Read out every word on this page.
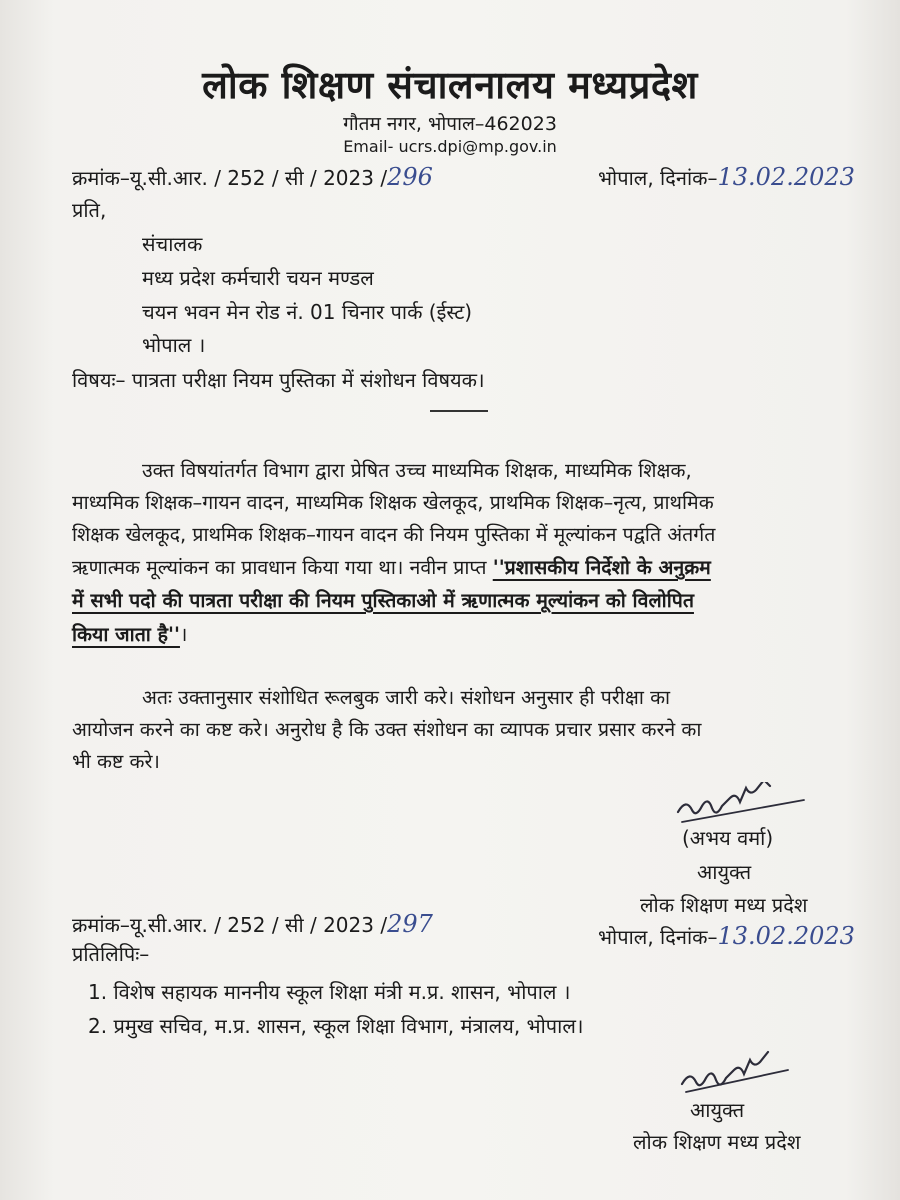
लोक शिक्षण संचालनालय मध्यप्रदेश
गौतम नगर, भोपाल–462023
Email- ucrs.dpi@mp.gov.in
क्रमांक–यू.सी.आर. / 252 / सी / 2023 /296	भोपाल, दिनांक–13.02.2023
प्रति,
संचालक
मध्य प्रदेश कर्मचारी चयन मण्डल
चयन भवन मेन रोड नं. 01 चिनार पार्क (ईस्ट)
भोपाल ।
विषयः– पात्रता परीक्षा नियम पुस्तिका में संशोधन विषयक।
उक्त विषयांतर्गत विभाग द्वारा प्रेषित उच्च माध्यमिक शिक्षक, माध्यमिक शिक्षक,
माध्यमिक शिक्षक–गायन वादन, माध्यमिक शिक्षक खेलकूद, प्राथमिक शिक्षक–नृत्य, प्राथमिक
शिक्षक खेलकूद, प्राथमिक शिक्षक–गायन वादन की नियम पुस्तिका में मूल्यांकन पद्वति अंतर्गत
ऋणात्मक मूल्यांकन का प्रावधान किया गया था। नवीन प्राप्त ''प्रशासकीय निर्देशो के अनुक्रम
में सभी पदो की पात्रता परीक्षा की नियम पुस्तिकाओ में ऋणात्मक मूल्यांकन को विलोपित
किया जाता है''।
अतः उक्तानुसार संशोधित रूलबुक जारी करे। संशोधन अनुसार ही परीक्षा का
आयोजन करने का कष्ट करे। अनुरोध है कि उक्त संशोधन का व्यापक प्रचार प्रसार करने का
भी कष्ट करे।
(अभय वर्मा)
आयुक्त
लोक शिक्षण मध्य प्रदेश
क्रमांक–यू.सी.आर. / 252 / सी / 2023 /297	भोपाल, दिनांक–13.02.2023
प्रतिलिपिः–
1. विशेष सहायक माननीय स्कूल शिक्षा मंत्री म.प्र. शासन, भोपाल ।
2. प्रमुख सचिव, म.प्र. शासन, स्कूल शिक्षा विभाग, मंत्रालय, भोपाल।
आयुक्त
लोक शिक्षण मध्य प्रदेश
